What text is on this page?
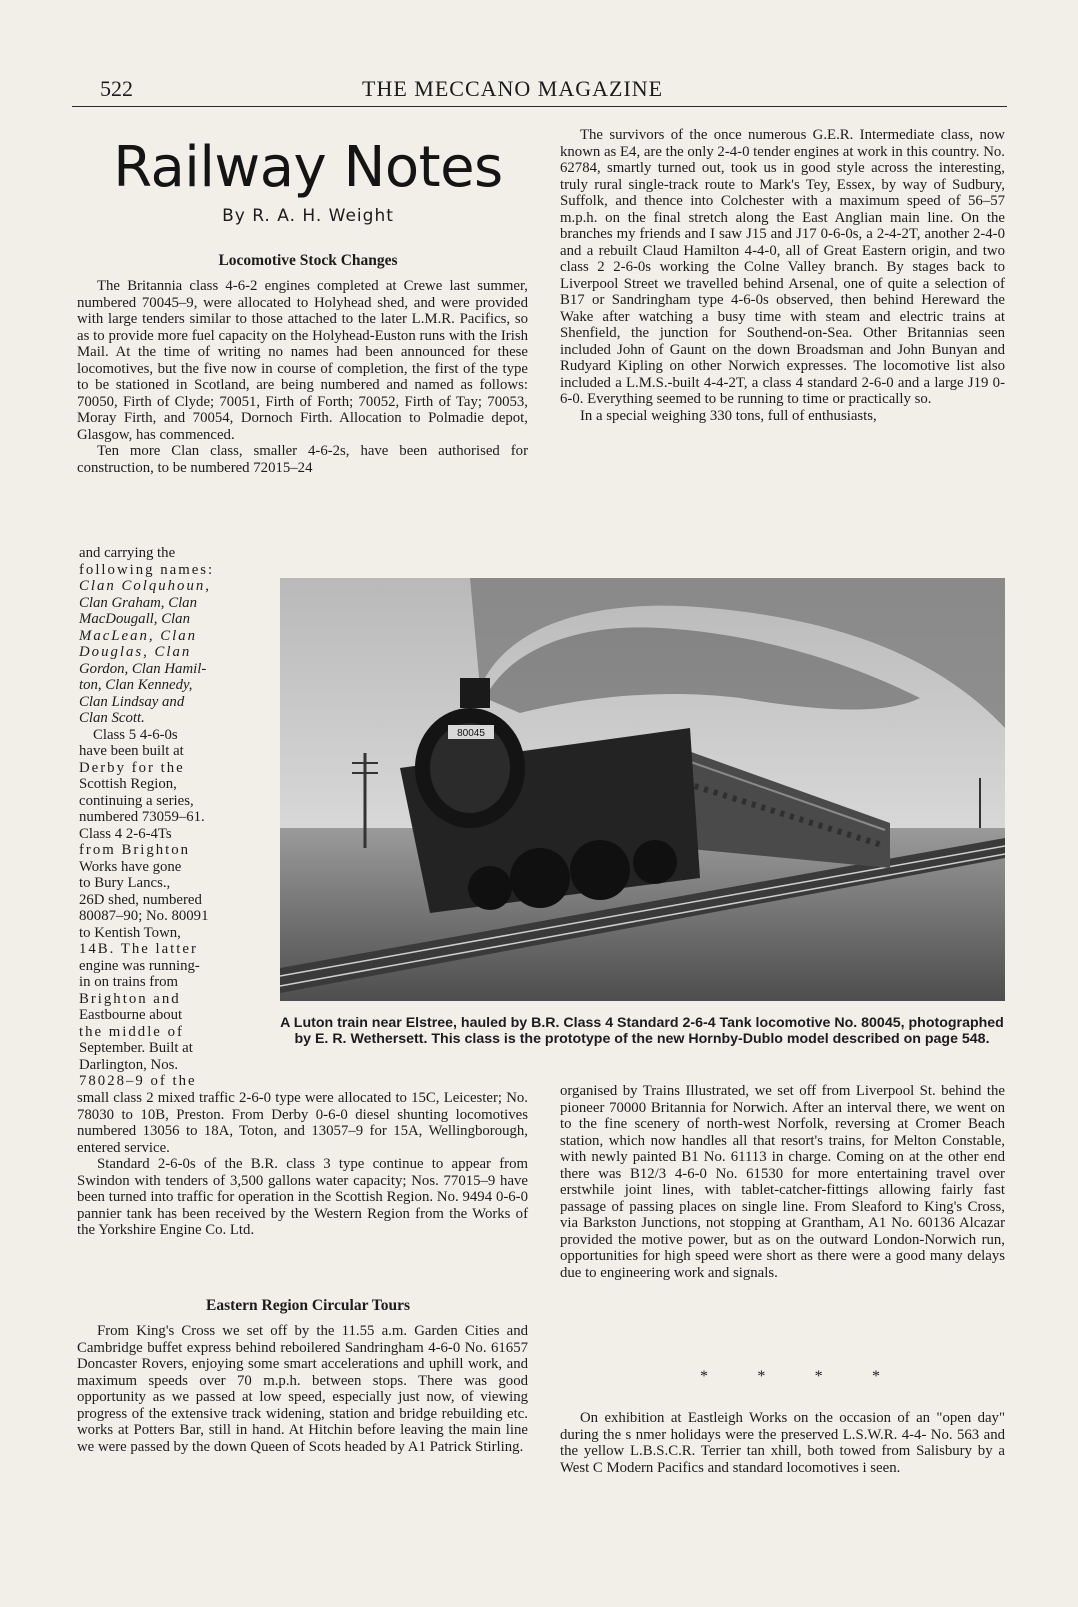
522	THE MECCANO MAGAZINE
Railway Notes
By R. A. H. Weight
Locomotive Stock Changes

The Britannia class 4-6-2 engines completed at Crewe last summer, numbered 70045–9, were allocated to Holyhead shed, and were provided with large tenders similar to those attached to the later L.M.R. Pacifics, so as to provide more fuel capacity on the Holyhead-Euston runs with the Irish Mail. At the time of writing no names had been announced for these locomotives, but the five now in course of completion, the first of the type to be stationed in Scotland, are being numbered and named as follows: 70050, Firth of Clyde; 70051, Firth of Forth; 70052, Firth of Tay; 70053, Moray Firth, and 70054, Dornoch Firth. Allocation to Polmadie depot, Glasgow, has commenced.

Ten more Clan class, smaller 4-6-2s, have been authorised for construction, to be numbered 72015–24

and carrying the
following names:
Clan Colquhoun,
Clan Graham, Clan
MacDougall, Clan
MacLean, Clan
Douglas, Clan
Gordon, Clan Hamil-
ton, Clan Kennedy,
Clan Lindsay and
Clan Scott.
Class 5 4-6-0s
have been built at
Derby for the
Scottish Region,
continuing a series,
numbered 73059–61.
Class 4 2-6-4Ts
from Brighton
Works have gone
to Bury Lancs.,
26D shed, numbered
80087–90; No. 80091
to Kentish Town,
14B. The latter
engine was running-
in on trains from
Brighton and
Eastbourne about
the middle of
September. Built at
Darlington, Nos.
78028–9 of the

small class 2 mixed traffic 2-6-0 type were allocated to 15C, Leicester; No. 78030 to 10B, Preston. From Derby 0-6-0 diesel shunting locomotives numbered 13056 to 18A, Toton, and 13057–9 for 15A, Wellingborough, entered service.

Standard 2-6-0s of the B.R. class 3 type continue to appear from Swindon with tenders of 3,500 gallons water capacity; Nos. 77015–9 have been turned into traffic for operation in the Scottish Region. No. 9494 0-6-0 pannier tank has been received by the Western Region from the Works of the Yorkshire Engine Co. Ltd.

Eastern Region Circular Tours

From King's Cross we set off by the 11.55 a.m. Garden Cities and Cambridge buffet express behind reboilered Sandringham 4-6-0 No. 61657 Doncaster Rovers, enjoying some smart accelerations and uphill work, and maximum speeds over 70 m.p.h. between stops. There was good opportunity as we passed at low speed, especially just now, of viewing progress of the extensive track widening, station and bridge rebuilding etc. works at Potters Bar, still in hand. At Hitchin before leaving the main line we were passed by the down Queen of Scots headed by A1 Patrick Stirling.

The survivors of the once numerous G.E.R. Intermediate class, now known as E4, are the only 2-4-0 tender engines at work in this country. No. 62784, smartly turned out, took us in good style across the interesting, truly rural single-track route to Mark's Tey, Essex, by way of Sudbury, Suffolk, and thence into Colchester with a maximum speed of 56–57 m.p.h. on the final stretch along the East Anglian main line. On the branches my friends and I saw J15 and J17 0-6-0s, a 2-4-2T, another 2-4-0 and a rebuilt Claud Hamilton 4-4-0, all of Great Eastern origin, and two class 2 2-6-0s working the Colne Valley branch. By stages back to Liverpool Street we travelled behind Arsenal, one of quite a selection of B17 or Sandringham type 4-6-0s observed, then behind Hereward the Wake after watching a busy time with steam and electric trains at Shenfield, the junction for Southend-on-Sea. Other Britannias seen included John of Gaunt on the down Broadsman and John Bunyan and Rudyard Kipling on other Norwich expresses. The locomotive list also included a L.M.S.-built 4-4-2T, a class 4 standard 2-6-0 and a large J19 0-6-0. Everything seemed to be running to time or practically so.

In a special weighing 330 tons, full of enthusiasts,

80045
A Luton train near Elstree, hauled by B.R. Class 4 Standard 2-6-4 Tank locomotive No. 80045, photographed by E. R. Wethersett. This class is the prototype of the new Hornby-Dublo model described on page 548.

organised by Trains Illustrated, we set off from Liverpool St. behind the pioneer 70000 Britannia for Norwich. After an interval there, we went on to the fine scenery of north-west Norfolk, reversing at Cromer Beach station, which now handles all that resort's trains, for Melton Constable, with newly painted B1 No. 61113 in charge. Coming on at the other end there was B12/3 4-6-0 No. 61530 for more entertaining travel over erstwhile joint lines, with tablet-catcher-fittings allowing fairly fast passage of passing places on single line. From Sleaford to King's Cross, via Barkston Junctions, not stopping at Grantham, A1 No. 60136 Alcazar provided the motive power, but as on the outward London-Norwich run, opportunities for high speed were short as there were a good many delays due to engineering work and signals.

*	*	*	*

On exhibition at Eastleigh Works on the occasion of an "open day" during the s nmer holidays were the preserved L.S.W.R. 4-4- No. 563 and the yellow L.B.S.C.R. Terrier tan xhill, both towed from Salisbury by a West C Modern Pacifics and standard locomotives i seen.
